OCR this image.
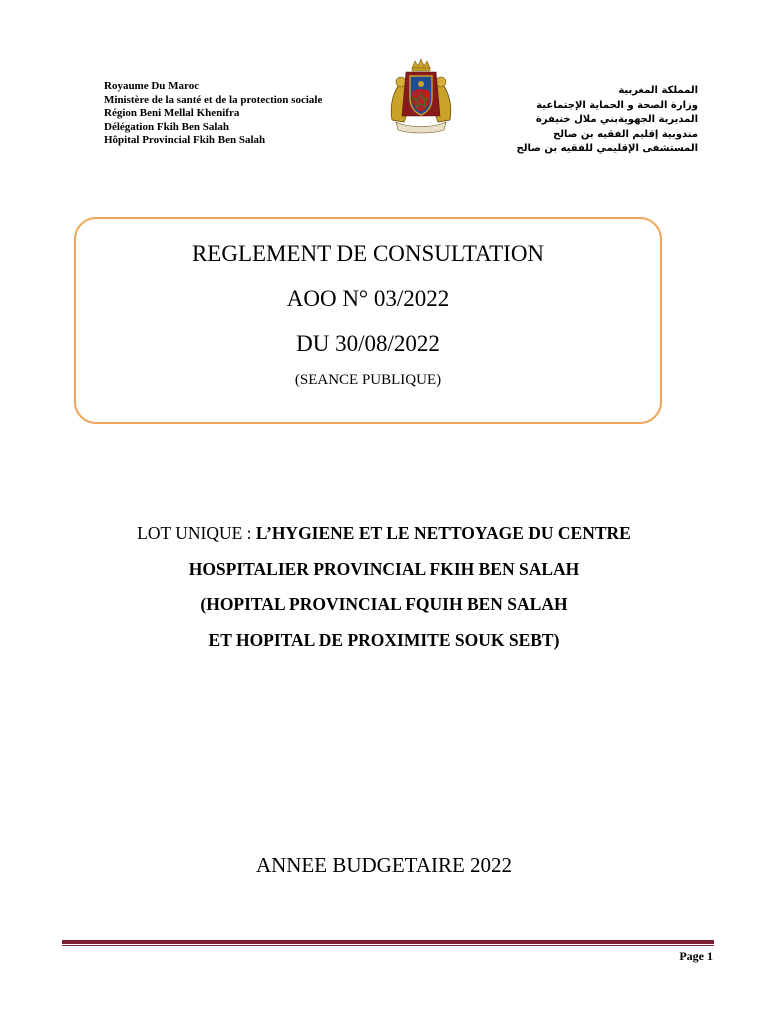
Royaume Du Maroc
Ministère de la santé et de la protection sociale
Région Beni Mellal Khenifra
Délégation Fkih Ben Salah
Hôpital Provincial Fkih Ben Salah
المملكة المغربية
وزارة الصحة و الحماية الإجتماعية
المديرية الجهويةبني ملال خنيفرة
مندوبية إقليم الفقيه بن صالح
المستشفى الإقليمي للفقيه بن صالح
REGLEMENT DE CONSULTATION
AOO N° 03/2022
DU 30/08/2022
(SEANCE PUBLIQUE)
LOT UNIQUE : L’HYGIENE ET LE NETTOYAGE DU CENTRE
HOSPITALIER PROVINCIAL FKIH BEN SALAH
(HOPITAL PROVINCIAL FQUIH BEN SALAH
ET HOPITAL DE PROXIMITE SOUK SEBT)
ANNEE BUDGETAIRE 2022
Page 1
